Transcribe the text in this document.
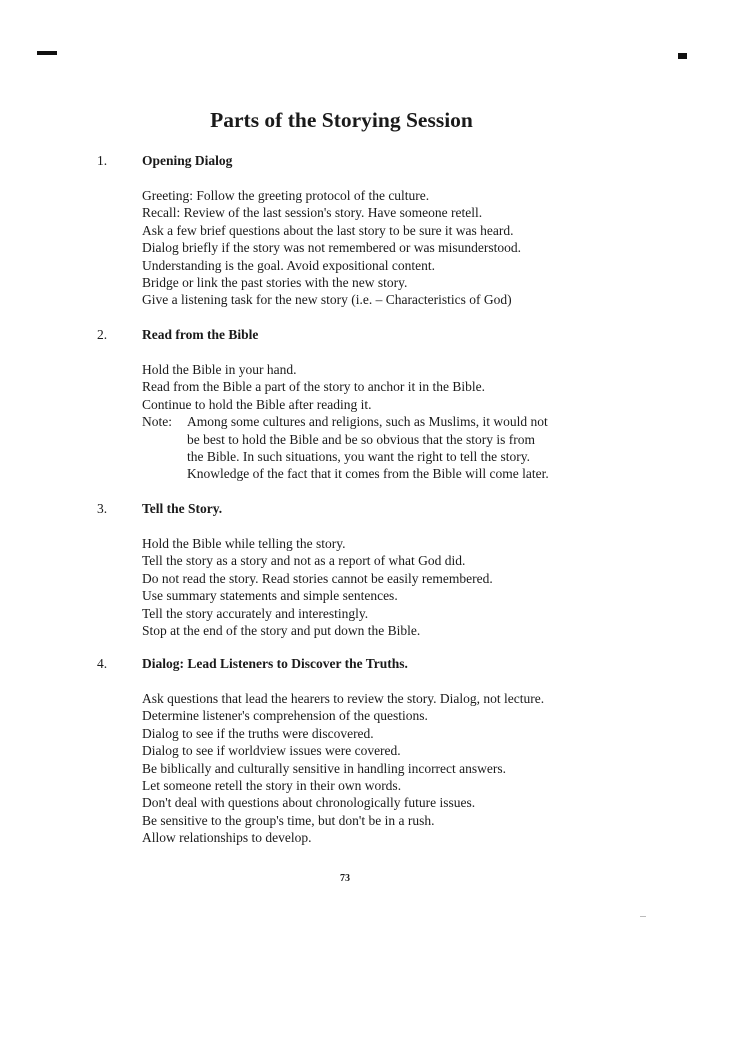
Parts of the Storying Session
1.	Opening Dialog
Greeting: Follow the greeting protocol of the culture.
Recall: Review of the last session's story. Have someone retell.
Ask a few brief questions about the last story to be sure it was heard.
Dialog briefly if the story was not remembered or was misunderstood.
Understanding is the goal. Avoid expositional content.
Bridge or link the past stories with the new story.
Give a listening task for the new story (i.e. – Characteristics of God)
2.	Read from the Bible
Hold the Bible in your hand.
Read from the Bible a part of the story to anchor it in the Bible.
Continue to hold the Bible after reading it.
Note: Among some cultures and religions, such as Muslims, it would not
be best to hold the Bible and be so obvious that the story is from
the Bible. In such situations, you want the right to tell the story.
Knowledge of the fact that it comes from the Bible will come later.
3.	Tell the Story.
Hold the Bible while telling the story.
Tell the story as a story and not as a report of what God did.
Do not read the story. Read stories cannot be easily remembered.
Use summary statements and simple sentences.
Tell the story accurately and interestingly.
Stop at the end of the story and put down the Bible.
4.	Dialog: Lead Listeners to Discover the Truths.
Ask questions that lead the hearers to review the story. Dialog, not lecture.
Determine listener's comprehension of the questions.
Dialog to see if the truths were discovered.
Dialog to see if worldview issues were covered.
Be biblically and culturally sensitive in handling incorrect answers.
Let someone retell the story in their own words.
Don't deal with questions about chronologically future issues.
Be sensitive to the group's time, but don't be in a rush.
Allow relationships to develop.
73
